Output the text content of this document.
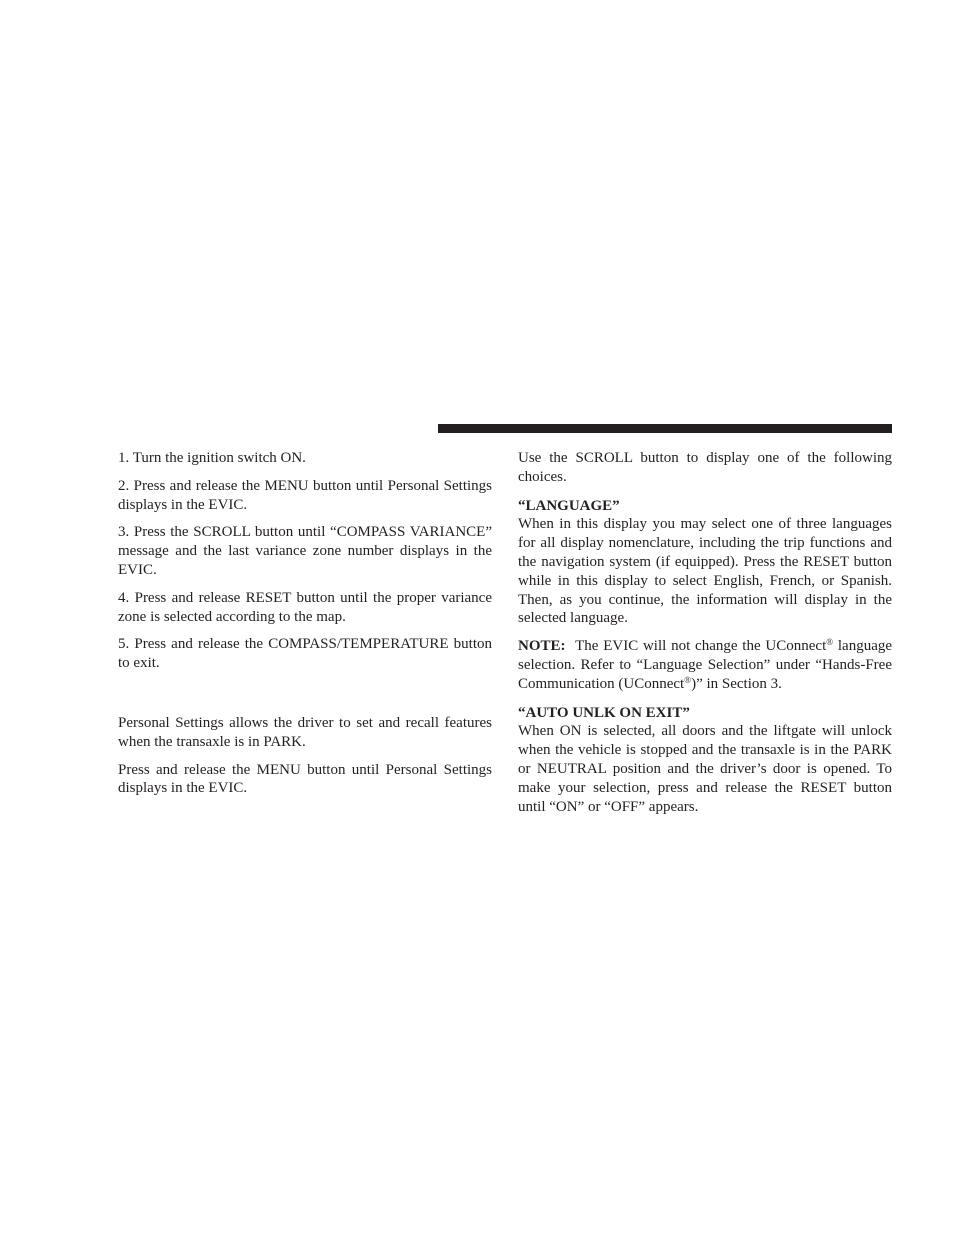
1. Turn the ignition switch ON.

2. Press and release the MENU button until Personal Settings displays in the EVIC.

3. Press the SCROLL button until “COMPASS VARIANCE” message and the last variance zone number displays in the EVIC.

4. Press and release RESET button until the proper variance zone is selected according to the map.

5. Press and release the COMPASS/TEMPERATURE button to exit.

Personal Settings allows the driver to set and recall features when the transaxle is in PARK.

Press and release the MENU button until Personal Settings displays in the EVIC.

Use the SCROLL button to display one of the following choices.

“LANGUAGE”

When in this display you may select one of three languages for all display nomenclature, including the trip functions and the navigation system (if equipped). Press the RESET button while in this display to select English, French, or Spanish. Then, as you continue, the information will display in the selected language.

NOTE: The EVIC will not change the UConnect® language selection. Refer to “Language Selection” under “Hands-Free Communication (UConnect®)” in Section 3.

“AUTO UNLK ON EXIT”

When ON is selected, all doors and the liftgate will unlock when the vehicle is stopped and the transaxle is in the PARK or NEUTRAL position and the driver’s door is opened. To make your selection, press and release the RESET button until “ON” or “OFF” appears.
